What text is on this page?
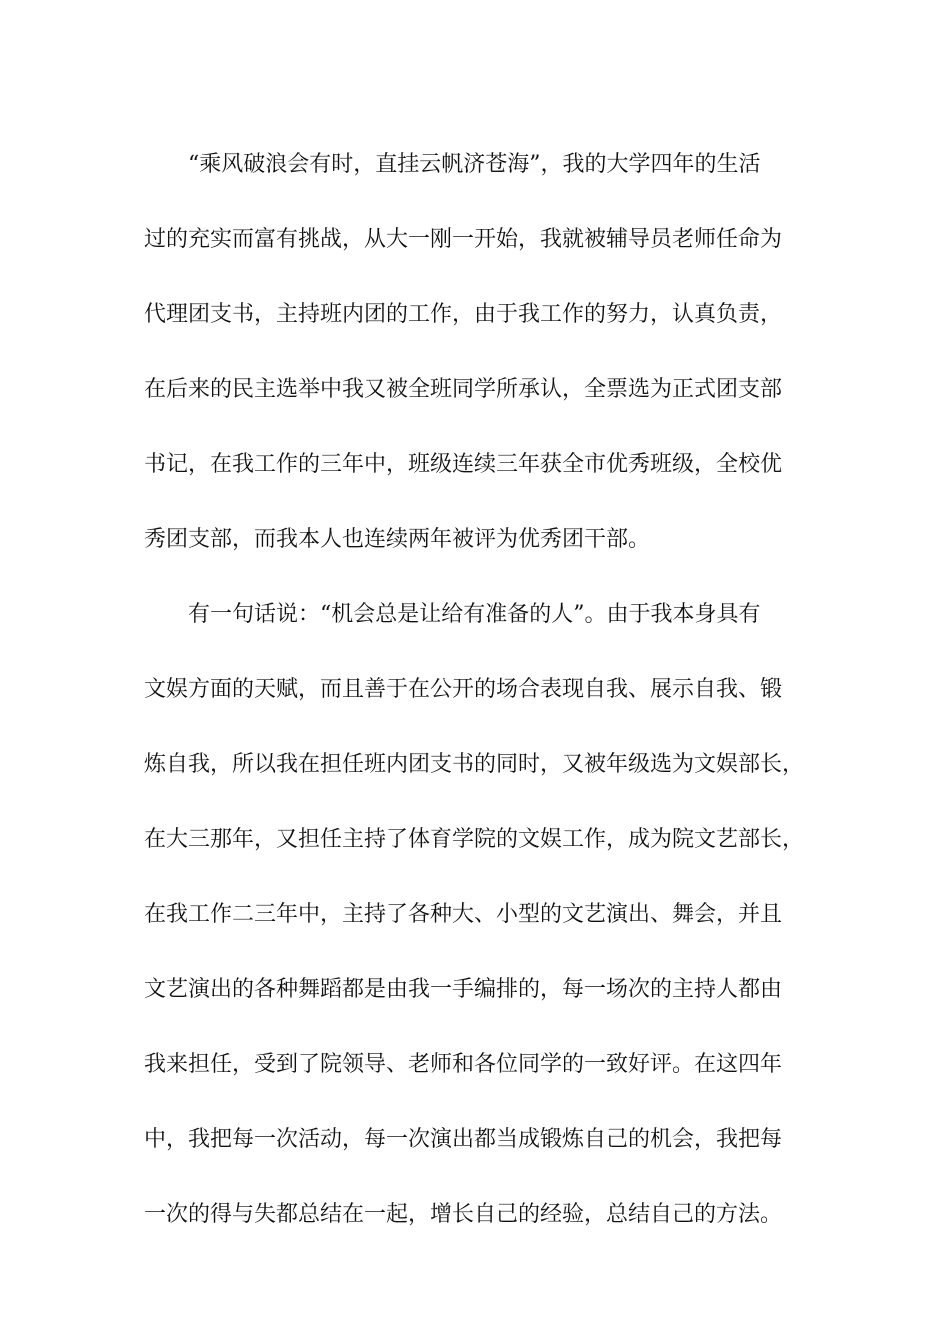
“乘风破浪会有时，直挂云帆济苍海”，我的大学四年的生活
过的充实而富有挑战，从大一刚一开始，我就被辅导员老师任命为
代理团支书，主持班内团的工作，由于我工作的努力，认真负责，
在后来的民主选举中我又被全班同学所承认，全票选为正式团支部
书记，在我工作的三年中，班级连续三年获全市优秀班级，全校优
秀团支部，而我本人也连续两年被评为优秀团干部。
有一句话说：“机会总是让给有准备的人”。由于我本身具有
文娱方面的天赋，而且善于在公开的场合表现自我、展示自我、锻
炼自我，所以我在担任班内团支书的同时，又被年级选为文娱部长，
在大三那年，又担任主持了体育学院的文娱工作，成为院文艺部长，
在我工作二三年中，主持了各种大、小型的文艺演出、舞会，并且
文艺演出的各种舞蹈都是由我一手编排的，每一场次的主持人都由
我来担任，受到了院领导、老师和各位同学的一致好评。在这四年
中，我把每一次活动，每一次演出都当成锻炼自己的机会，我把每
一次的得与失都总结在一起，增长自己的经验，总结自己的方法。
